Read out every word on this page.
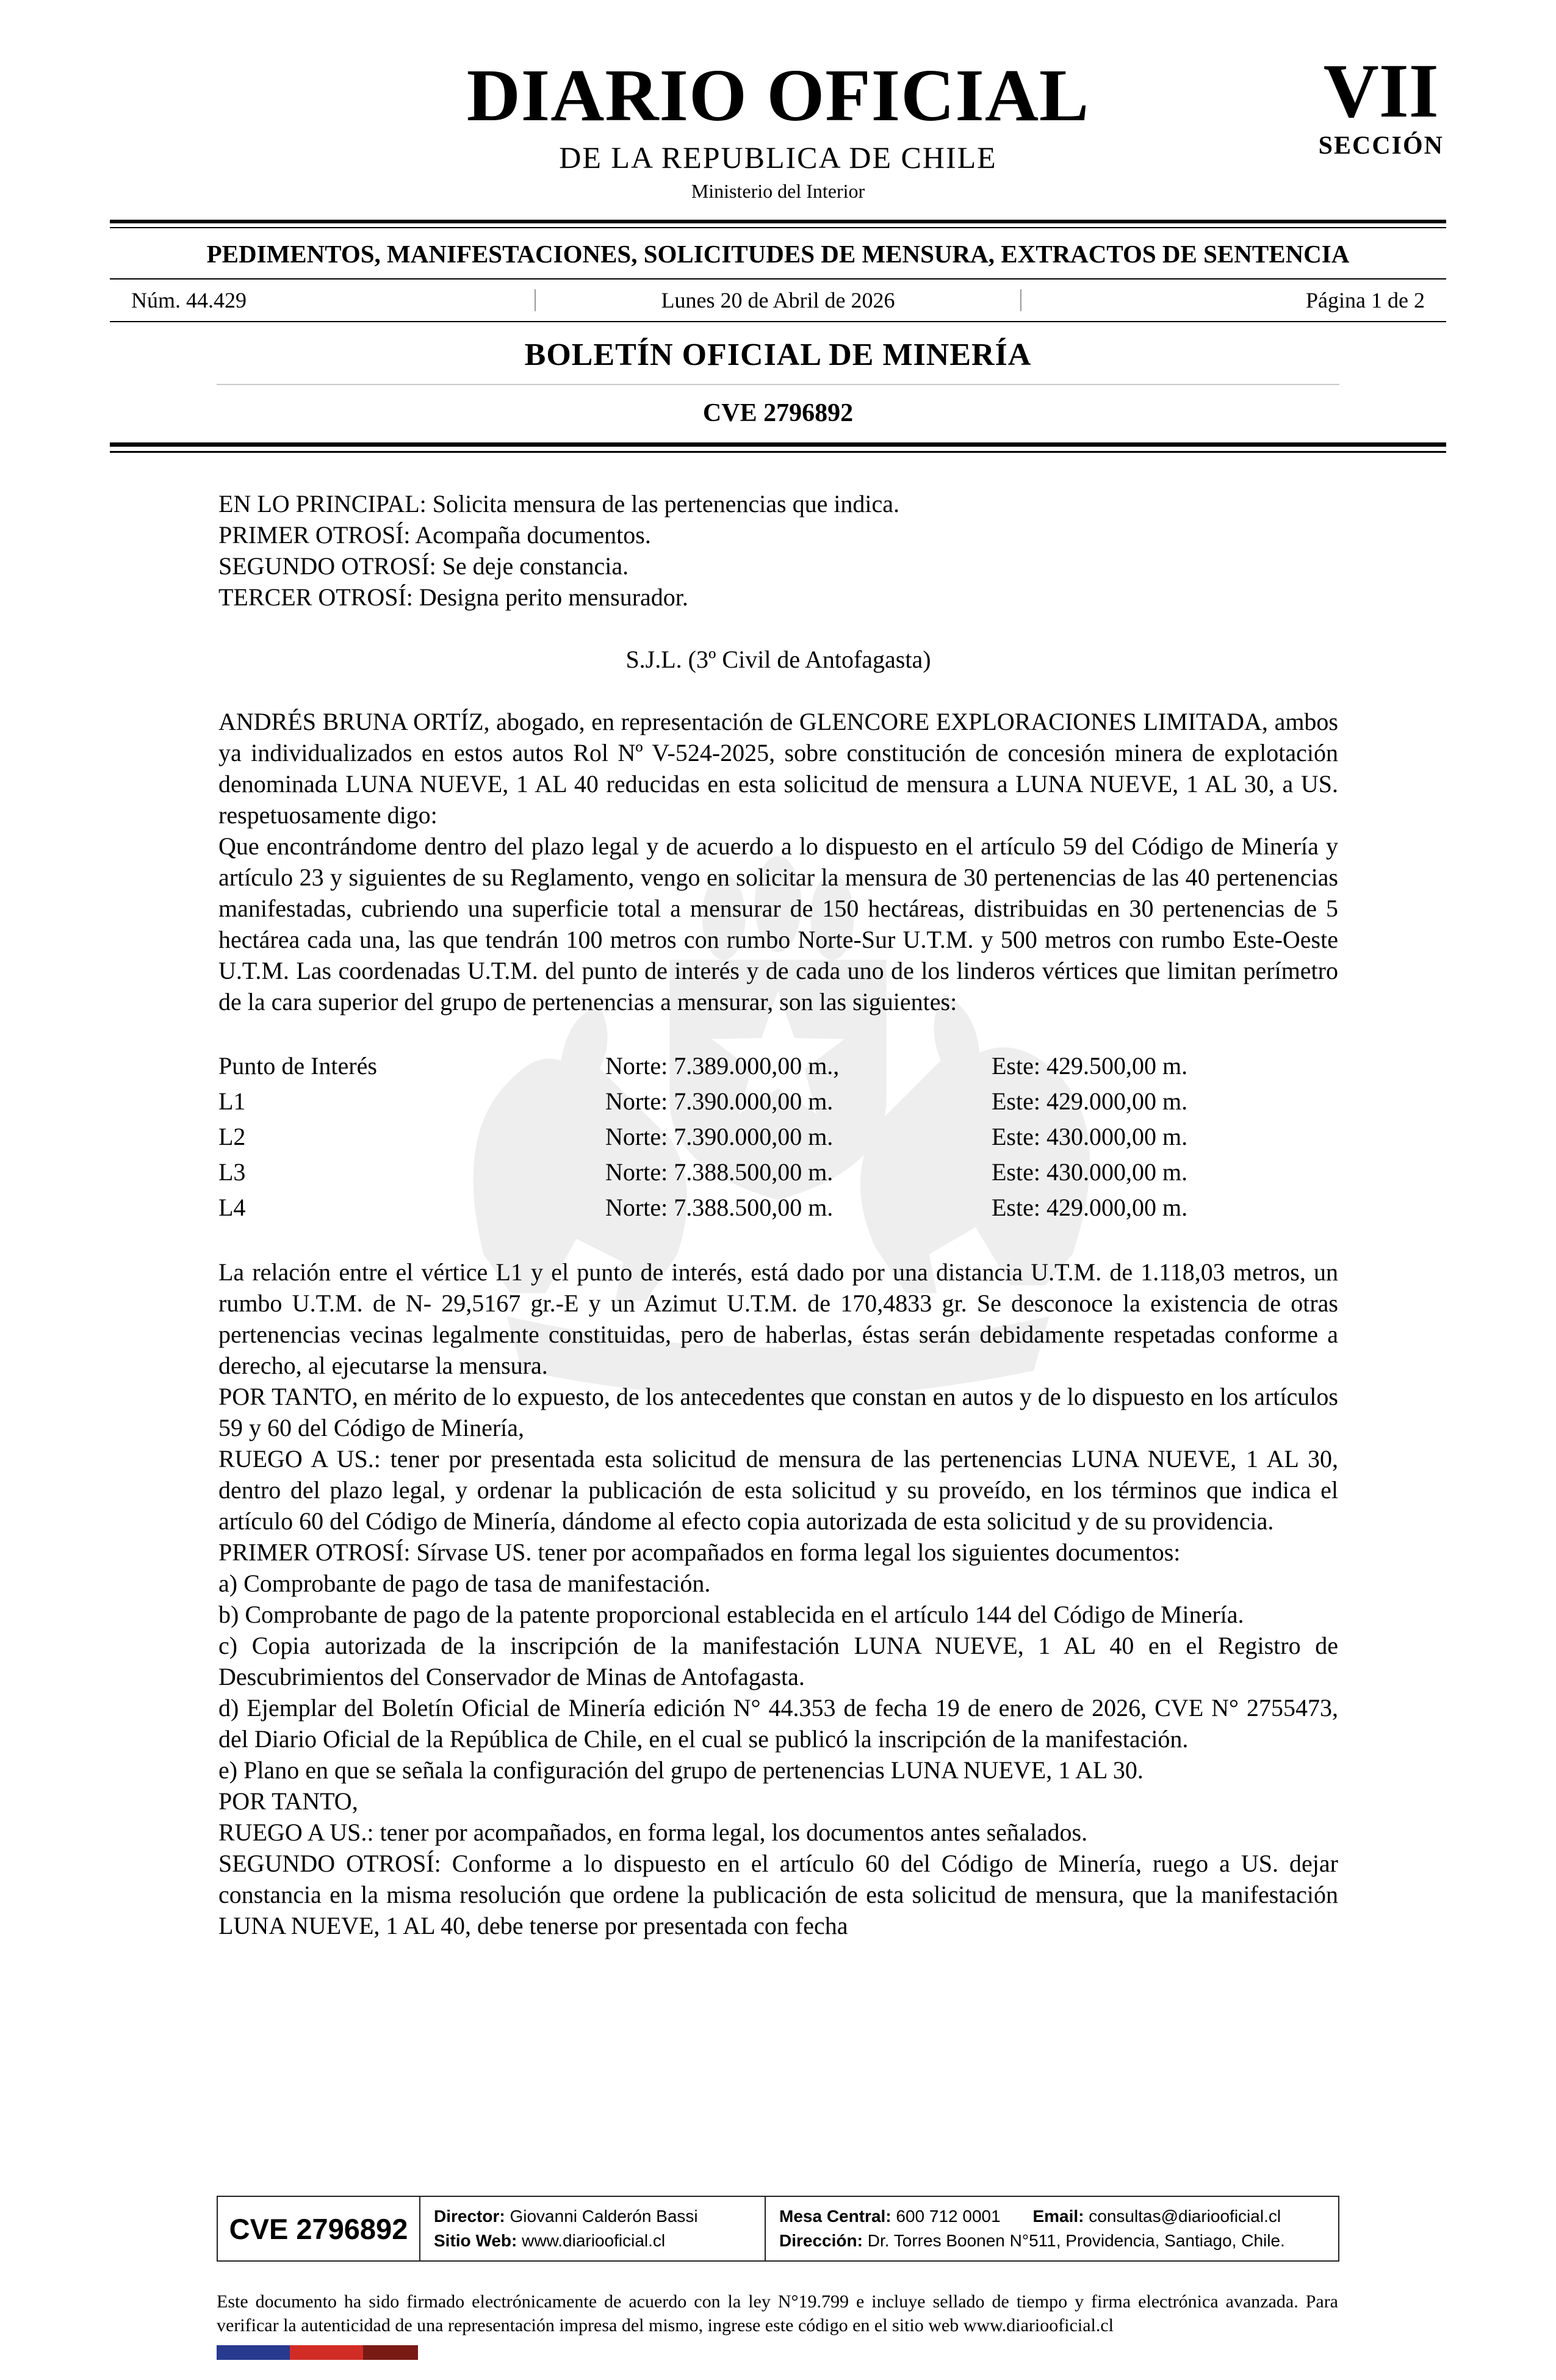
DIARIO OFICIAL
DE LA REPUBLICA DE CHILE
Ministerio del Interior
VII
SECCIÓN
PEDIMENTOS, MANIFESTACIONES, SOLICITUDES DE MENSURA, EXTRACTOS DE SENTENCIA
Núm. 44.429	Lunes 20 de Abril de 2026	Página 1 de 2
BOLETÍN OFICIAL DE MINERÍA
CVE 2796892

EN LO PRINCIPAL: Solicita mensura de las pertenencias que indica.

PRIMER OTROSÍ: Acompaña documentos.

SEGUNDO OTROSÍ: Se deje constancia.

TERCER OTROSÍ: Designa perito mensurador.

S.J.L. (3º Civil de Antofagasta)

ANDRÉS BRUNA ORTÍZ, abogado, en representación de GLENCORE EXPLORACIONES LIMITADA, ambos ya individualizados en estos autos Rol Nº V-524-2025, sobre constitución de concesión minera de explotación denominada LUNA NUEVE, 1 AL 40 reducidas en esta solicitud de mensura a LUNA NUEVE, 1 AL 30, a US. respetuosamente digo:

Que encontrándome dentro del plazo legal y de acuerdo a lo dispuesto en el artículo 59 del Código de Minería y artículo 23 y siguientes de su Reglamento, vengo en solicitar la mensura de 30 pertenencias de las 40 pertenencias manifestadas, cubriendo una superficie total a mensurar de 150 hectáreas, distribuidas en 30 pertenencias de 5 hectárea cada una, las que tendrán 100 metros con rumbo Norte-Sur U.T.M. y 500 metros con rumbo Este-Oeste U.T.M. Las coordenadas U.T.M. del punto de interés y de cada uno de los linderos vértices que limitan perímetro de la cara superior del grupo de pertenencias a mensurar, son las siguientes:

Punto de Interés	Norte: 7.389.000,00 m.,	Este: 429.500,00 m.
L1	Norte: 7.390.000,00 m.	Este: 429.000,00 m.
L2	Norte: 7.390.000,00 m.	Este: 430.000,00 m.
L3	Norte: 7.388.500,00 m.	Este: 430.000,00 m.
L4	Norte: 7.388.500,00 m.	Este: 429.000,00 m.

La relación entre el vértice L1 y el punto de interés, está dado por una distancia U.T.M. de 1.118,03 metros, un rumbo U.T.M. de N- 29,5167 gr.-E y un Azimut U.T.M. de 170,4833 gr. Se desconoce la existencia de otras pertenencias vecinas legalmente constituidas, pero de haberlas, éstas serán debidamente respetadas conforme a derecho, al ejecutarse la mensura.

POR TANTO, en mérito de lo expuesto, de los antecedentes que constan en autos y de lo dispuesto en los artículos 59 y 60 del Código de Minería,

RUEGO A US.: tener por presentada esta solicitud de mensura de las pertenencias LUNA NUEVE, 1 AL 30, dentro del plazo legal, y ordenar la publicación de esta solicitud y su proveído, en los términos que indica el artículo 60 del Código de Minería, dándome al efecto copia autorizada de esta solicitud y de su providencia.

PRIMER OTROSÍ: Sírvase US. tener por acompañados en forma legal los siguientes documentos:

a) Comprobante de pago de tasa de manifestación.

b) Comprobante de pago de la patente proporcional establecida en el artículo 144 del Código de Minería.

c) Copia autorizada de la inscripción de la manifestación LUNA NUEVE, 1 AL 40 en el Registro de Descubrimientos del Conservador de Minas de Antofagasta.

d) Ejemplar del Boletín Oficial de Minería edición N° 44.353 de fecha 19 de enero de 2026, CVE N° 2755473, del Diario Oficial de la República de Chile, en el cual se publicó la inscripción de la manifestación.

e) Plano en que se señala la configuración del grupo de pertenencias LUNA NUEVE, 1 AL 30.

POR TANTO,

RUEGO A US.: tener por acompañados, en forma legal, los documentos antes señalados.

SEGUNDO OTROSÍ: Conforme a lo dispuesto en el artículo 60 del Código de Minería, ruego a US. dejar constancia en la misma resolución que ordene la publicación de esta solicitud de mensura, que la manifestación LUNA NUEVE, 1 AL 40, debe tenerse por presentada con fecha

CVE 2796892	Director: Giovanni Calderón Bassi
Sitio Web: www.diariooficial.cl
Mesa Central: 600 712 0001 Email: consultas@diariooficial.cl
Dirección: Dr. Torres Boonen N°511, Providencia, Santiago, Chile.

Este documento ha sido firmado electrónicamente de acuerdo con la ley N°19.799 e incluye sellado de tiempo y firma electrónica avanzada. Para verificar la autenticidad de una representación impresa del mismo, ingrese este código en el sitio web www.diariooficial.cl
